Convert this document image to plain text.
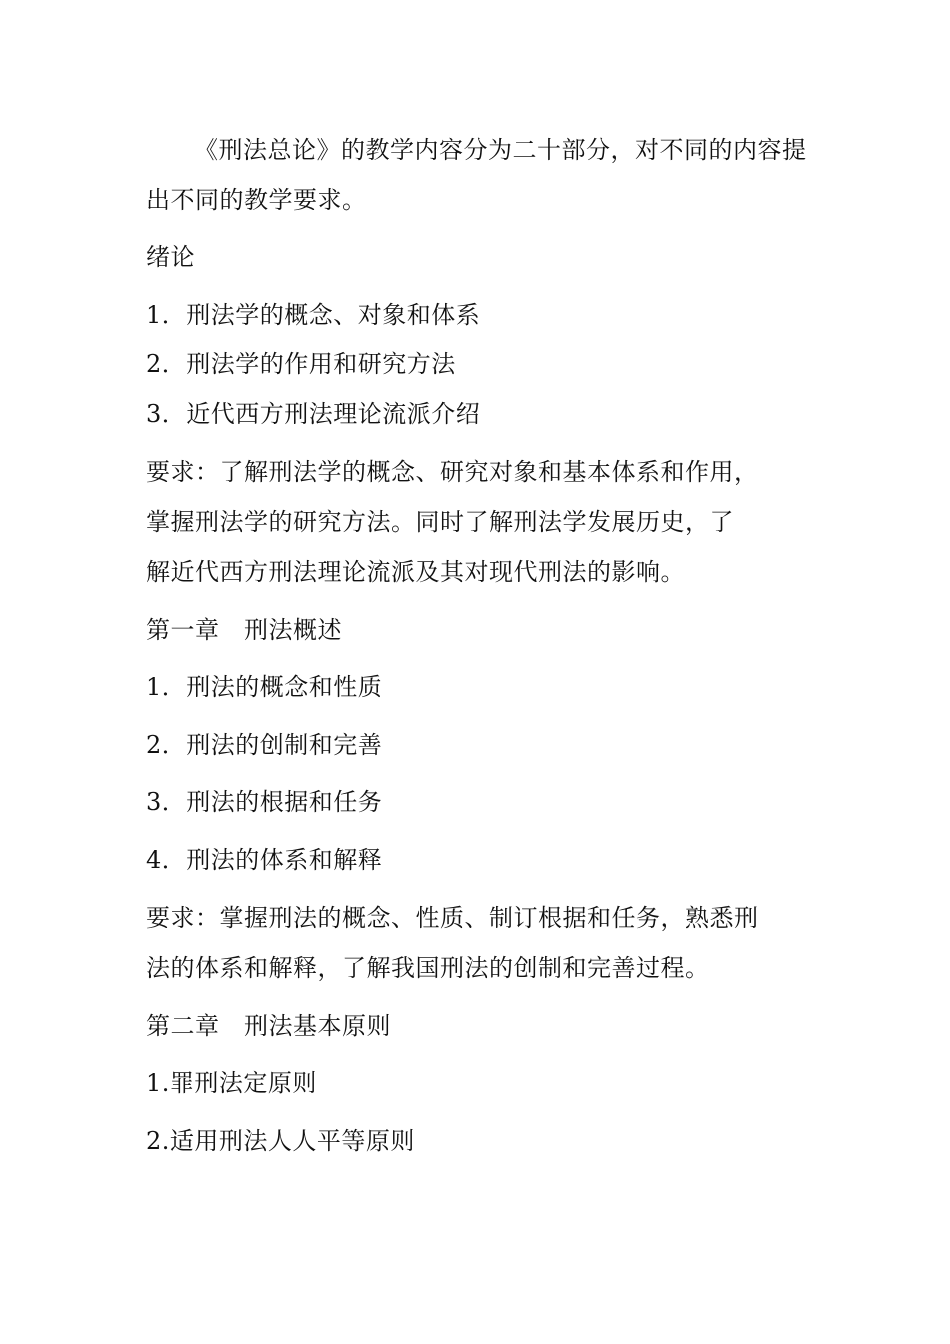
《刑法总论》的教学内容分为二十部分，对不同的内容提
出不同的教学要求。
绪论
1．刑法学的概念、对象和体系
2．刑法学的作用和研究方法
3．近代西方刑法理论流派介绍
要求：了解刑法学的概念、研究对象和基本体系和作用，
掌握刑法学的研究方法。同时了解刑法学发展历史，了
解近代西方刑法理论流派及其对现代刑法的影响。
第一章　刑法概述
1．刑法的概念和性质
2．刑法的创制和完善
3．刑法的根据和任务
4．刑法的体系和解释
要求：掌握刑法的概念、性质、制订根据和任务，熟悉刑
法的体系和解释，了解我国刑法的创制和完善过程。
第二章　刑法基本原则
1.罪刑法定原则
2.适用刑法人人平等原则
